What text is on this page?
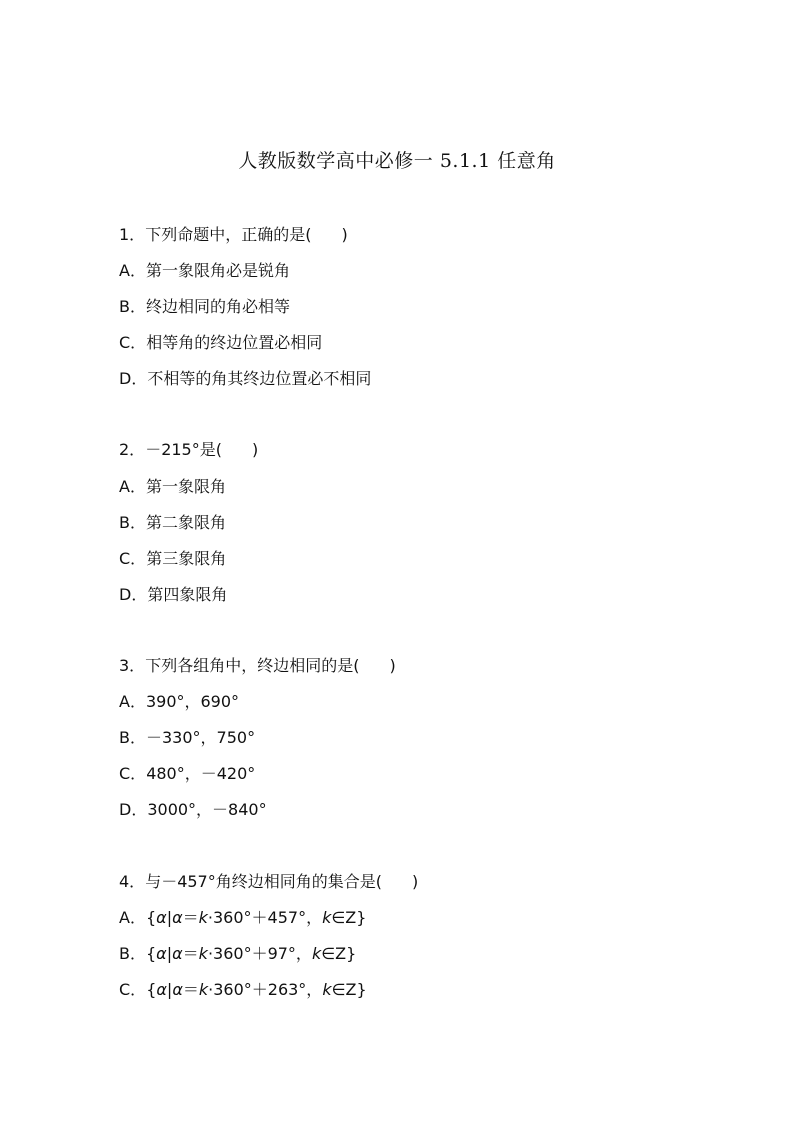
人教版数学高中必修一 5.1.1 任意角
1．下列命题中，正确的是( )
A．第一象限角必是锐角
B．终边相同的角必相等
C．相等角的终边位置必相同
D．不相等的角其终边位置必不相同
2．－215°是( )
A．第一象限角
B．第二象限角
C．第三象限角
D．第四象限角
3．下列各组角中，终边相同的是( )
A．390°，690°
B．－330°，750°
C．480°，－420°
D．3000°，－840°
4．与－457°角终边相同角的集合是( )
A．{α|α＝k·360°＋457°，k∈Z}
B．{α|α＝k·360°＋97°，k∈Z}
C．{α|α＝k·360°＋263°，k∈Z}
